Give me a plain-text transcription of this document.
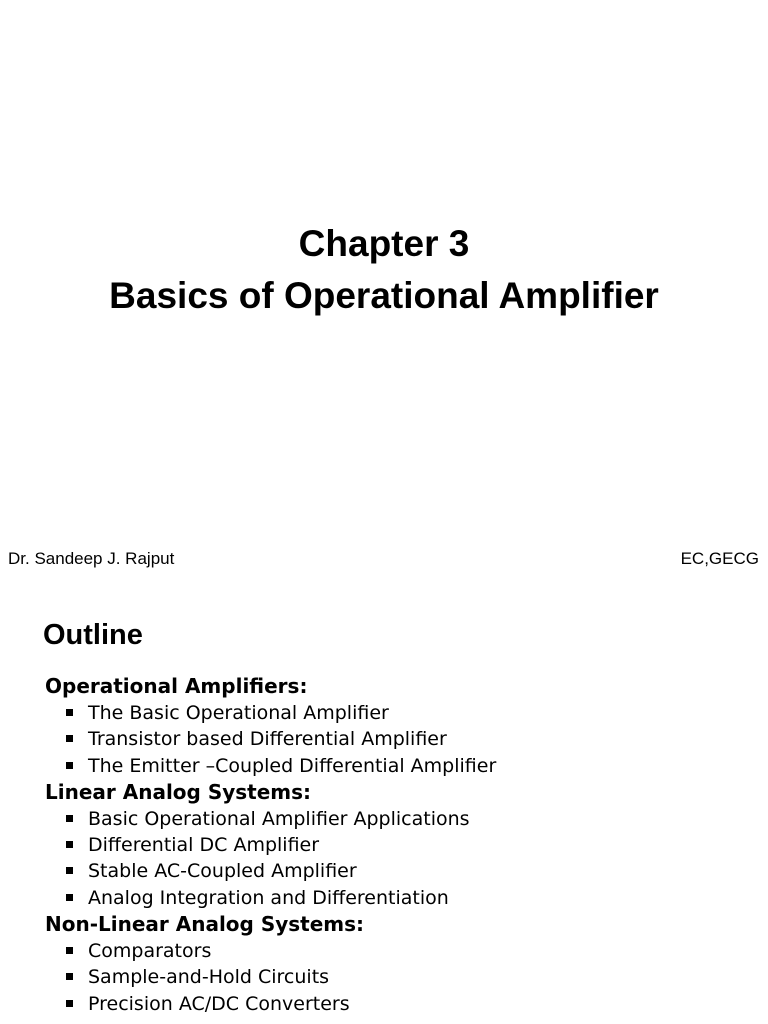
Chapter 3
Basics of Operational Amplifier
Dr. Sandeep J. Rajput	EC,GECG
Outline
Operational Amplifiers:
The Basic Operational Amplifier
Transistor based Differential Amplifier
The Emitter –Coupled Differential Amplifier
Linear Analog Systems:
Basic Operational Amplifier Applications
Differential DC Amplifier
Stable AC-Coupled Amplifier
Analog Integration and Differentiation
Non-Linear Analog Systems:
Comparators
Sample-and-Hold Circuits
Precision AC/DC Converters
